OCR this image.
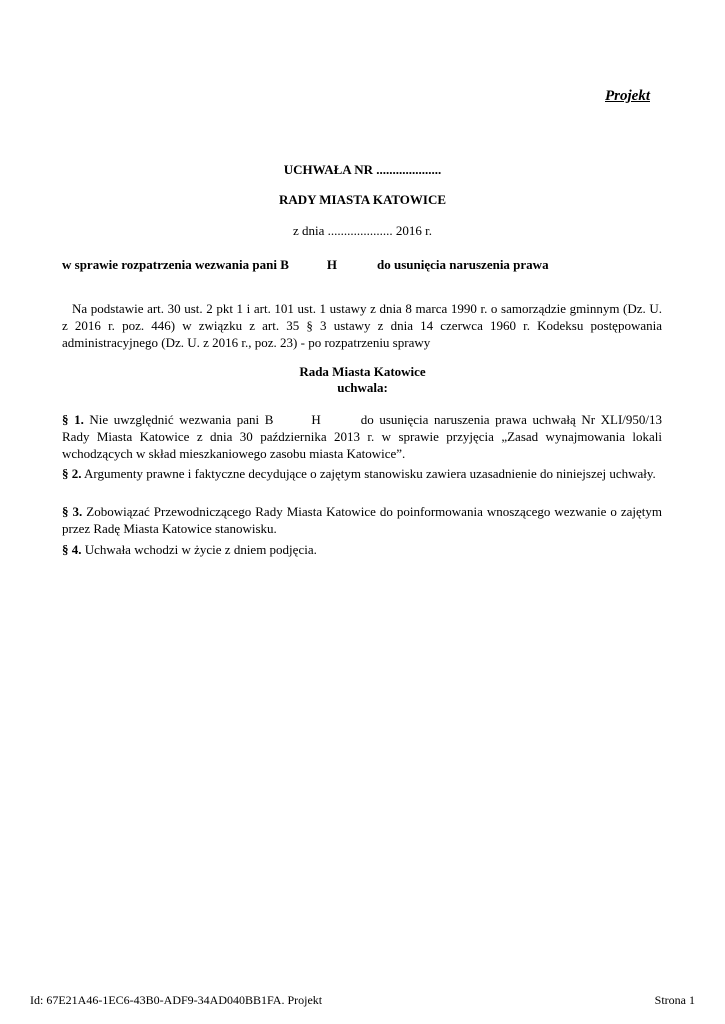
Projekt
UCHWAŁA NR ....................
RADY MIASTA KATOWICE
z dnia .................... 2016 r.
w sprawie rozpatrzenia wezwania pani B	H	do usunięcia naruszenia prawa
Na podstawie art. 30 ust. 2 pkt 1 i art. 101 ust. 1 ustawy z dnia 8 marca 1990 r. o samorządzie gminnym (Dz. U. z 2016 r. poz. 446) w związku z art. 35 § 3 ustawy z dnia 14 czerwca 1960 r. Kodeksu postępowania administracyjnego (Dz. U. z 2016 r., poz. 23) - po rozpatrzeniu sprawy
Rada Miasta Katowice
uchwala:
§ 1. Nie uwzględnić wezwania pani B	H	do usunięcia naruszenia prawa uchwałą Nr XLI/950/13 Rady Miasta Katowice z dnia 30 października 2013 r. w sprawie przyjęcia „Zasad wynajmowania lokali wchodzących w skład mieszkaniowego zasobu miasta Katowice”.
§ 2. Argumenty prawne i faktyczne decydujące o zajętym stanowisku zawiera uzasadnienie do niniejszej uchwały.
§ 3. Zobowiązać Przewodniczącego Rady Miasta Katowice do poinformowania wnoszącego wezwanie o zajętym przez Radę Miasta Katowice stanowisku.
§ 4. Uchwała wchodzi w życie z dniem podjęcia.
Id: 67E21A46-1EC6-43B0-ADF9-34AD040BB1FA. Projekt	Strona 1
